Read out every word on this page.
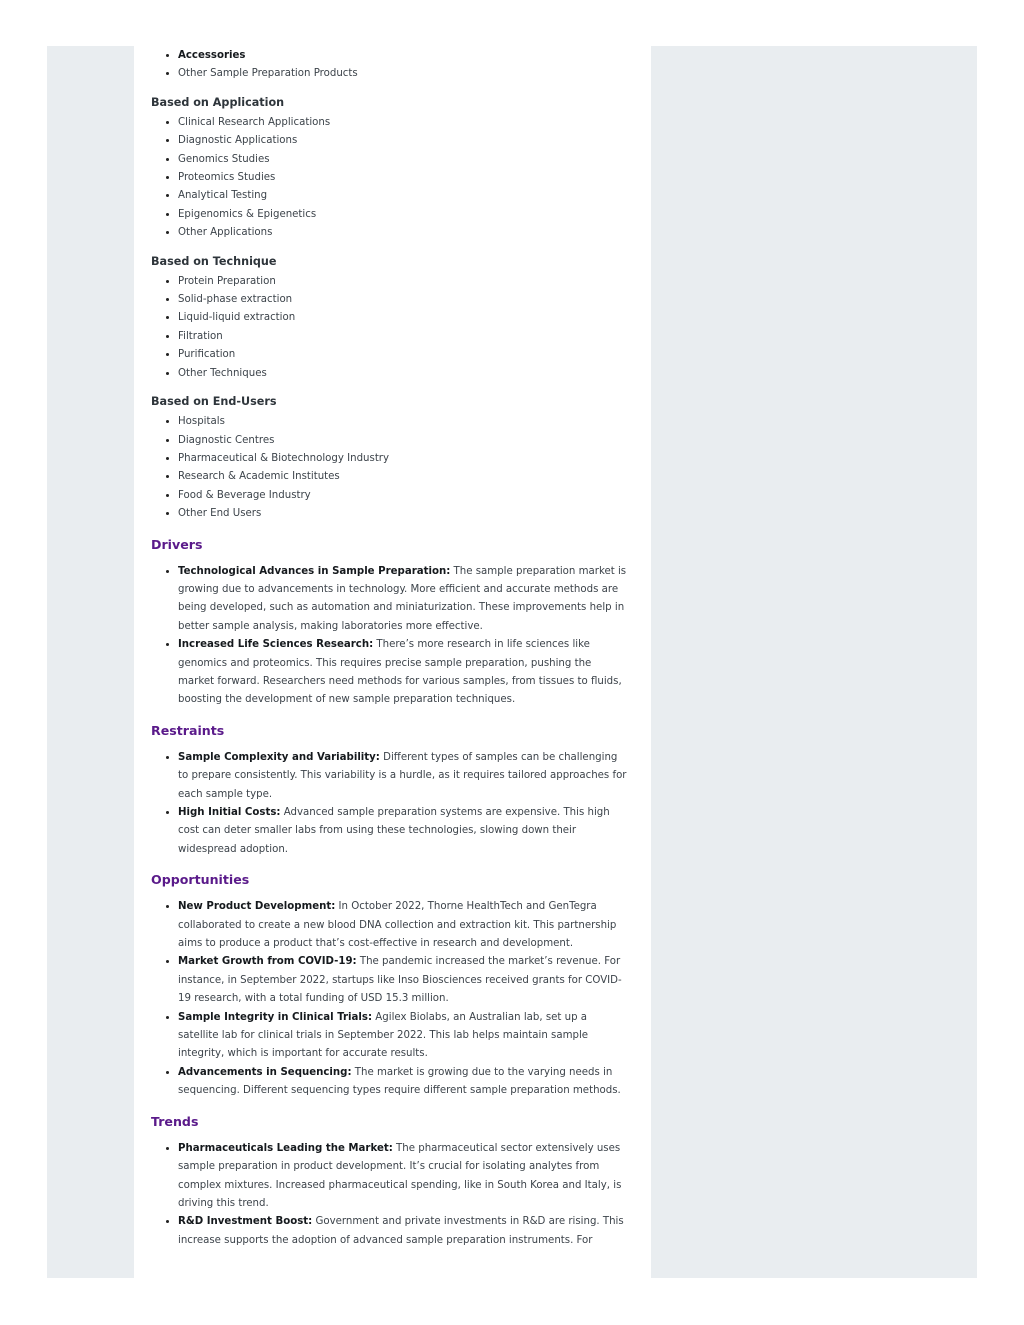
• Accessories
• Other Sample Preparation Products
Based on Application
• Clinical Research Applications
• Diagnostic Applications
• Genomics Studies
• Proteomics Studies
• Analytical Testing
• Epigenomics & Epigenetics
• Other Applications
Based on Technique
• Protein Preparation
• Solid-phase extraction
• Liquid-liquid extraction
• Filtration
• Purification
• Other Techniques
Based on End-Users
• Hospitals
• Diagnostic Centres
• Pharmaceutical & Biotechnology Industry
• Research & Academic Institutes
• Food & Beverage Industry
• Other End Users
Drivers
• Technological Advances in Sample Preparation: The sample preparation market is growing due to advancements in technology. More efficient and accurate methods are being developed, such as automation and miniaturization. These improvements help in better sample analysis, making laboratories more effective.
• Increased Life Sciences Research: There’s more research in life sciences like genomics and proteomics. This requires precise sample preparation, pushing the market forward. Researchers need methods for various samples, from tissues to fluids, boosting the development of new sample preparation techniques.
Restraints
• Sample Complexity and Variability: Different types of samples can be challenging to prepare consistently. This variability is a hurdle, as it requires tailored approaches for each sample type.
• High Initial Costs: Advanced sample preparation systems are expensive. This high cost can deter smaller labs from using these technologies, slowing down their widespread adoption.
Opportunities
• New Product Development: In October 2022, Thorne HealthTech and GenTegra collaborated to create a new blood DNA collection and extraction kit. This partnership aims to produce a product that’s cost-effective in research and development.
• Market Growth from COVID-19: The pandemic increased the market’s revenue. For instance, in September 2022, startups like Inso Biosciences received grants for COVID-19 research, with a total funding of USD 15.3 million.
• Sample Integrity in Clinical Trials: Agilex Biolabs, an Australian lab, set up a satellite lab for clinical trials in September 2022. This lab helps maintain sample integrity, which is important for accurate results.
• Advancements in Sequencing: The market is growing due to the varying needs in sequencing. Different sequencing types require different sample preparation methods.
Trends
• Pharmaceuticals Leading the Market: The pharmaceutical sector extensively uses sample preparation in product development. It’s crucial for isolating analytes from complex mixtures. Increased pharmaceutical spending, like in South Korea and Italy, is driving this trend.
• R&D Investment Boost: Government and private investments in R&D are rising. This increase supports the adoption of advanced sample preparation instruments. For
